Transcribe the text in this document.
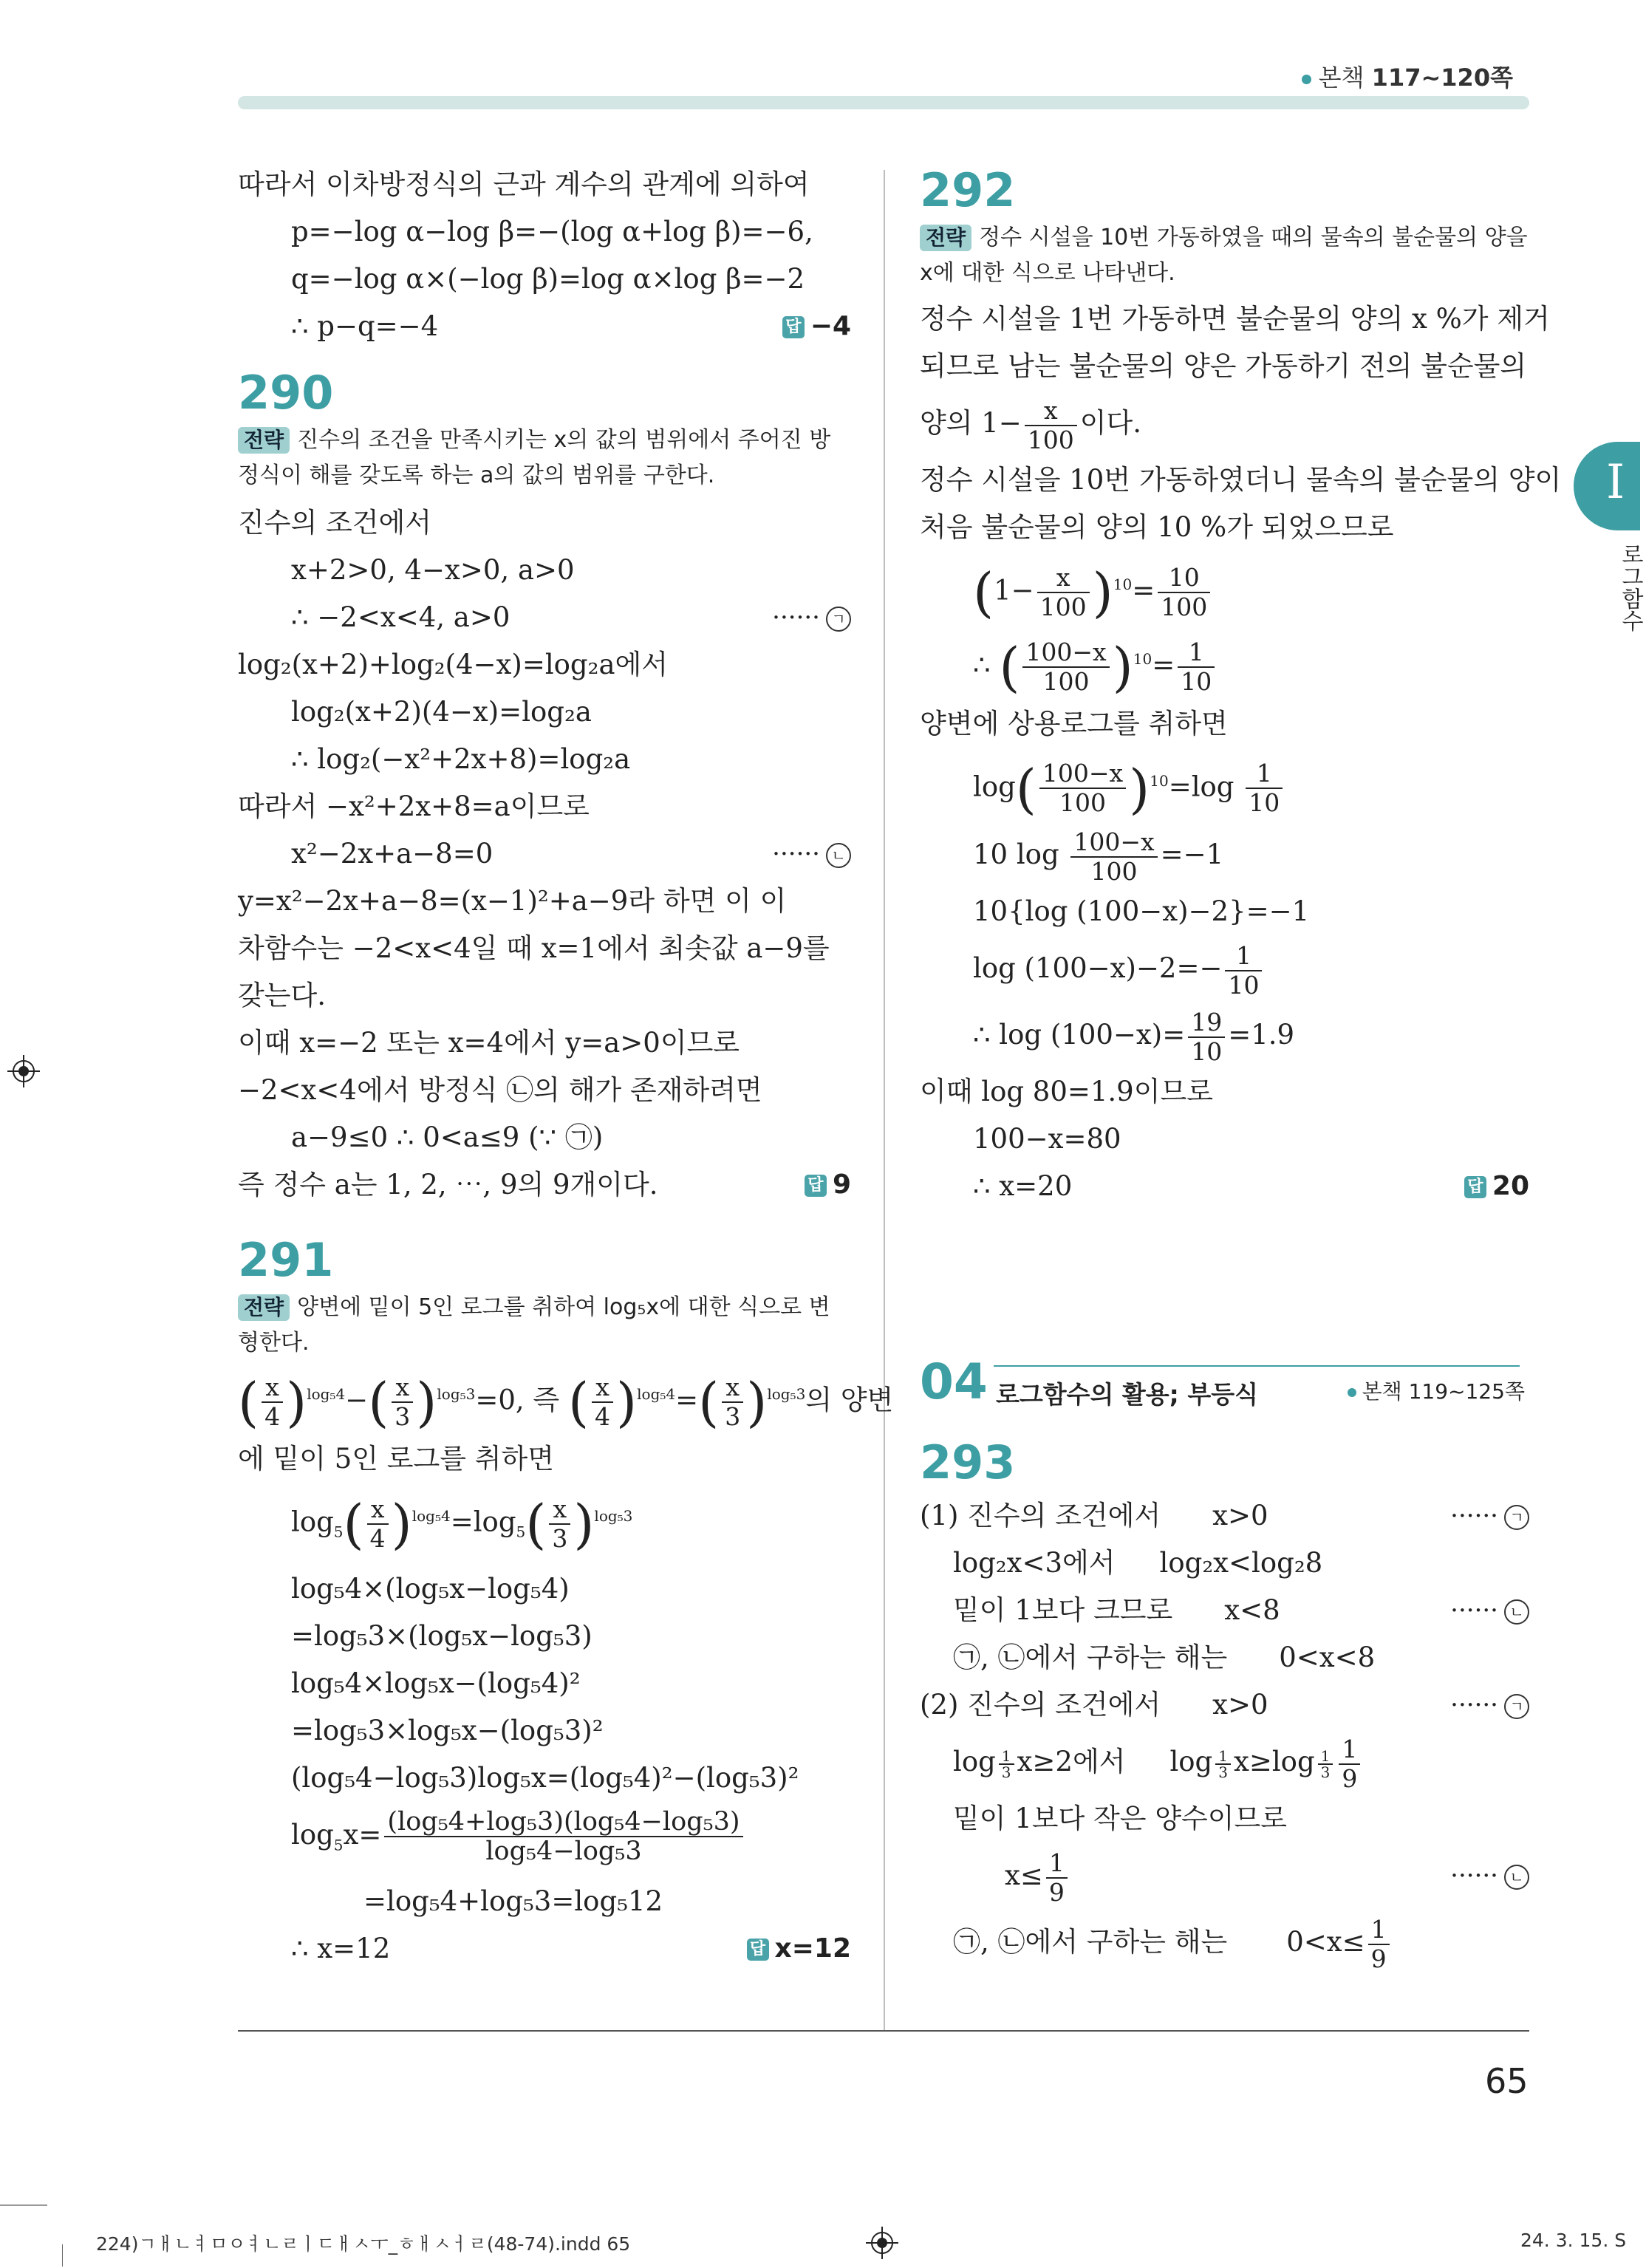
본책 117~120쪽
따라서 이차방정식의 근과 계수의 관계에 의하여
p=−log α−log β=−(log α+log β)=−6,
q=−log α×(−log β)=log α×log β=−2
∴ p−q=−4	답 −4
290
전략 진수의 조건을 만족시키는 x의 값의 범위에서 주어진 방정식이 해를 갖도록 하는 a의 값의 범위를 구한다.
진수의 조건에서
x+2>0, 4−x>0, a>0
∴ −2<x<4, a>0	······ ㄱ
log₂(x+2)+log₂(4−x)=log₂a에서
log₂(x+2)(4−x)=log₂a
∴ log₂(−x²+2x+8)=log₂a
따라서 −x²+2x+8=a이므로
x²−2x+a−8=0	······ ㄴ
y=x²−2x+a−8=(x−1)²+a−9라 하면 이 이
차함수는 −2<x<4일 때 x=1에서 최솟값 a−9를
갖는다.
이때 x=−2 또는 x=4에서 y=a>0이므로
−2<x<4에서 방정식 ㉡의 해가 존재하려면
a−9≤0 ∴ 0<a≤9 (∵ ㉠)
즉 정수 a는 1, 2, ⋯, 9의 9개이다.	답 9
291
전략 양변에 밑이 5인 로그를 취하여 log₅x에 대한 식으로 변형한다.
( $\frac{x}{4} )^{log_54}-( \frac{x}{3} )^{log_53}=0$, 즉 ( $\frac{x}{4} )^{log_54}=( \frac{x}{3} )^{log_53}$의 양변
에 밑이 5인 로그를 취하면
$\log_5( \frac{x}{4} )^{log_54}=\log_5( \frac{x}{3} )^{log_53}$
log₅4×(log₅x−log₅4)
=log₅3×(log₅x−log₅3)
log₅4×log₅x−(log₅4)²
=log₅3×log₅x−(log₅3)²
(log₅4−log₅3)log₅x=(log₅4)²−(log₅3)²
$\log_5x= \frac{\text{(log₅4+log₅3)(log₅4−log₅3)}}{\text{log₅4−log₅3}}$
=log₅4+log₅3=log₅12
∴ x=12	답 x=12
292
전략 정수 시설을 10번 가동하였을 때의 물속의 불순물의 양을 x에 대한 식으로 나타낸다.
정수 시설을 1번 가동하면 불순물의 양의 x %가 제거
되므로 남는 불순물의 양은 가동하기 전의 불순물의
양의 $1- \frac{x}{100}$ 이다.
정수 시설을 10번 가동하였더니 물속의 불순물의 양이
처음 불순물의 양의 10 %가 되었으므로
$(1- \frac{x}{100} )^{10}= \frac{10}{100}$
∴ ( $\frac{100-x}{100} )^{10}= \frac{1}{10}$
양변에 상용로그를 취하면
$\log( \frac{100-x}{100} )^{10}=\log \frac{1}{10}$
10 $\log \frac{100-x}{100} =-1$
10{log (100−x)−2}=−1
$\log (100-x)-2=- \frac{1}{10}$
∴ $\log (100-x)= \frac{19}{10} =1.9$
이때 log 80=1.9이므로
100−x=80
∴ x=20	답 20
04 로그함수의 활용; 부등식	본책 119~125쪽
293
(1) 진수의 조건에서 x>0	······ ㄱ
log₂x<3에서 log₂x<log₂8
밑이 1보다 크므로 x<8	······ ㄴ
㉠, ㉡에서 구하는 해는 0<x<8
(2) 진수의 조건에서 x>0	······ ㄱ
$\log \frac{1}{3} x\ge 2$에서 $\log \frac{1}{3} x\ge\log \frac{1}{3} \frac{1}{9}$
밑이 1보다 작은 양수이므로
$x\le \frac{1}{9}$	······ ㄴ
㉠, ㉡에서 구하는 해는 $0<x\le \frac{1}{9}$
I
로그함수
65
224)ㄱㅐㄴㅕㅁㅇㅕㄴㄹㅣㄷㅐㅅㅜ_ㅎㅐㅅㅓㄹ(48-74).indd 65	24. 3. 15. S
